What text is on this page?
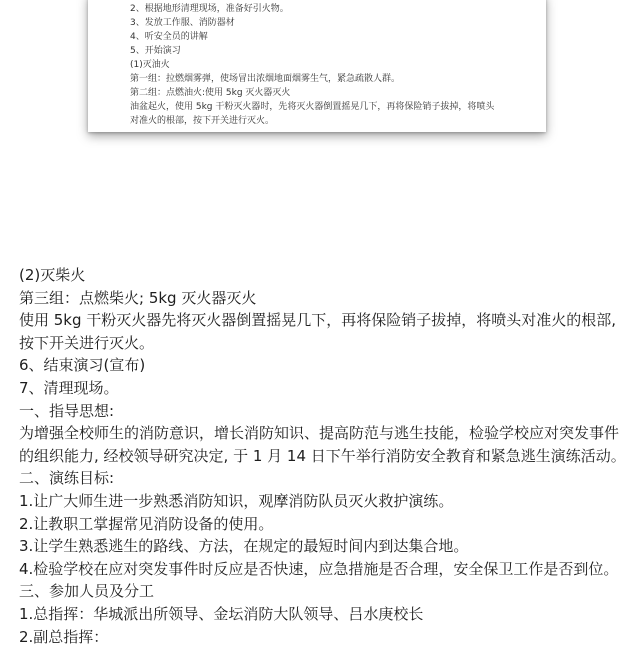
2、根据地形清理现场，准备好引火物。
3、发放工作服、消防器材
4、听安全员的讲解
5、开始演习
(1)灭油火
第一组：拉燃烟雾弹，使场冒出浓烟地面烟雾生气，紧急疏散人群。
第二组：点燃油火:使用 5kg 灭火器灭火
油盆起火，使用 5kg 干粉灭火器时，先将灭火器倒置摇晃几下，再将保险销子拔掉，将喷头
对准火的根部，按下开关进行灭火。
(2)灭柴火
第三组：点燃柴火; 5kg 灭火器灭火
使用 5kg 干粉灭火器先将灭火器倒置摇晃几下，再将保险销子拔掉，将喷头对准火的根部,
按下开关进行灭火。
6、结束演习(宣布)
7、清理现场。
一、指导思想:
为增强全校师生的消防意识，增长消防知识、提高防范与逃生技能，检验学校应对突发事件
的组织能力, 经校领导研究决定, 于 1 月 14 日下午举行消防安全教育和紧急逃生演练活动。
二、演练目标:
1.让广大师生进一步熟悉消防知识，观摩消防队员灭火救护演练。
2.让教职工掌握常见消防设备的使用。
3.让学生熟悉逃生的路线、方法，在规定的最短时间内到达集合地。
4.检验学校在应对突发事件时反应是否快速，应急措施是否合理，安全保卫工作是否到位。
三、参加人员及分工
1.总指挥：华城派出所领导、金坛消防大队领导、吕水庚校长
2.副总指挥：
